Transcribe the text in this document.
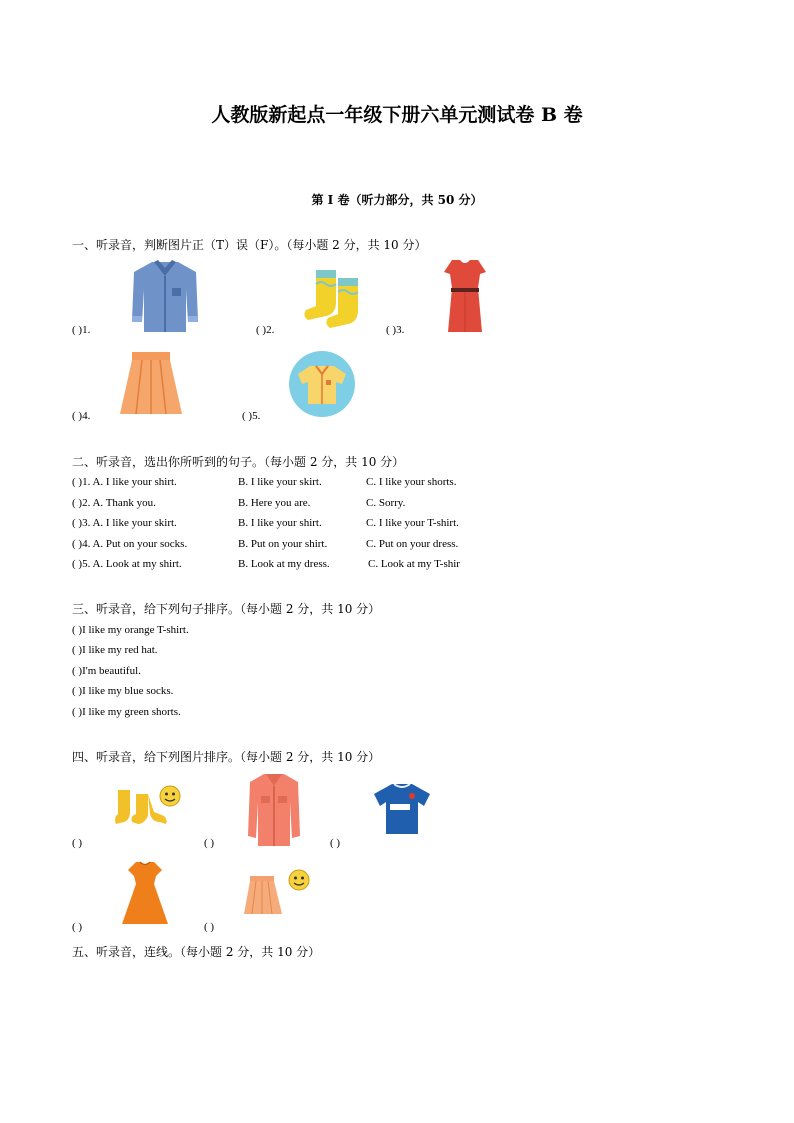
人教版新起点一年级下册六单元测试卷 B 卷
第 I 卷（听力部分，共 50 分）
一、听录音，判断图片正（T）误（F）。（每小题 2 分，共 10 分）
( )1.	( )2.	( )3.
( )4.	( )5.
二、听录音，选出你所听到的句子。（每小题 2 分，共 10 分）
( )1. A. I like your shirt.	B. I like your skirt.	C. I like your shorts.
( )2. A. Thank you.	B. Here you are.	C. Sorry.
( )3. A. I like your skirt.	B. I like your shirt.	C. I like your T-shirt.
( )4. A. Put on your socks.	B. Put on your shirt.	C. Put on your dress.
( )5. A. Look at my shirt.	B. Look at my dress.	C. Look at my T-shir
三、听录音，给下列句子排序。（每小题 2 分，共 10 分）
( )I like my orange T-shirt.
( )I like my red hat.
( )I'm beautiful.
( )I like my blue socks.
( )I like my green shorts.
四、听录音，给下列图片排序。（每小题 2 分，共 10 分）
( )	( )	( )
( )	( )
五、听录音，连线。（每小题 2 分，共 10 分）
